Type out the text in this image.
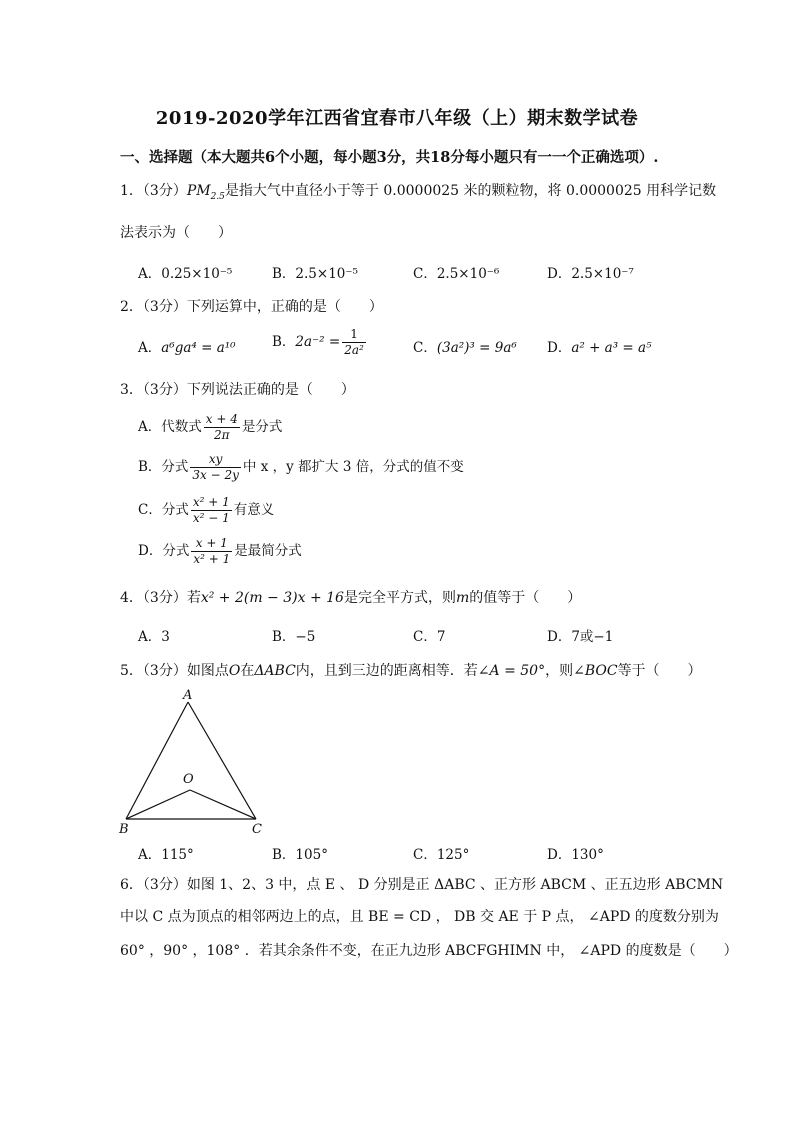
2019-2020学年江西省宜春市八年级（上）期末数学试卷
一、选择题（本大题共6个小题，每小题3分，共18分每小题只有一一个正确选项）.
1．（3分）$PM_{2.5}$是指大气中直径小于等于 0.0000025 米的颗粒物，将 0.0000025 用科学记数
法表示为（　　）
A．0.25×10⁻⁵	B．2.5×10⁻⁵	C．2.5×10⁻⁶	D．2.5×10⁻⁷
2．（3分）下列运算中，正确的是（　　）
A．a⁶ga⁴ = a¹⁰	B．$2a^{-2} = \frac{1}{\text{2a²}}$	C．(3a²)³ = 9a⁶ D．a² + a³ = a⁵
3．（3分）下列说法正确的是（　　）
A．代数式 $\frac{x + 4}{2\pi}$ 是分式
B．分式 $\frac{xy}{3x - 2y}$ 中 x ，y 都扩大 3 倍，分式的值不变
C．分式 $\frac{\text{x² + 1}}{\text{x² − 1}}$ 有意义
D．分式 $\frac{x + 1}{\text{x² + 1}}$ 是最简分式
4．（3分）若x² + 2(m − 3)x + 16是完全平方式，则m的值等于（　　）
A．3	B．−5	C．7	D．7或−1
5．（3分）如图点O在ΔABC内，且到三边的距离相等．若∠A = 50°，则∠BOC等于（　　）
A
B	C
O
A．115°	B．105°	C．125°	D．130°
6．（3分）如图 1、2、3 中，点 E 、 D 分别是正 ΔABC 、正方形 ABCM 、正五边形 ABCMN
中以 C 点为顶点的相邻两边上的点，且 BE = CD ， DB 交 AE 于 P 点， ∠APD 的度数分别为
60° ，90° ，108° ．若其余条件不变，在正九边形 ABCFGHIMN 中， ∠APD 的度数是（　　）
